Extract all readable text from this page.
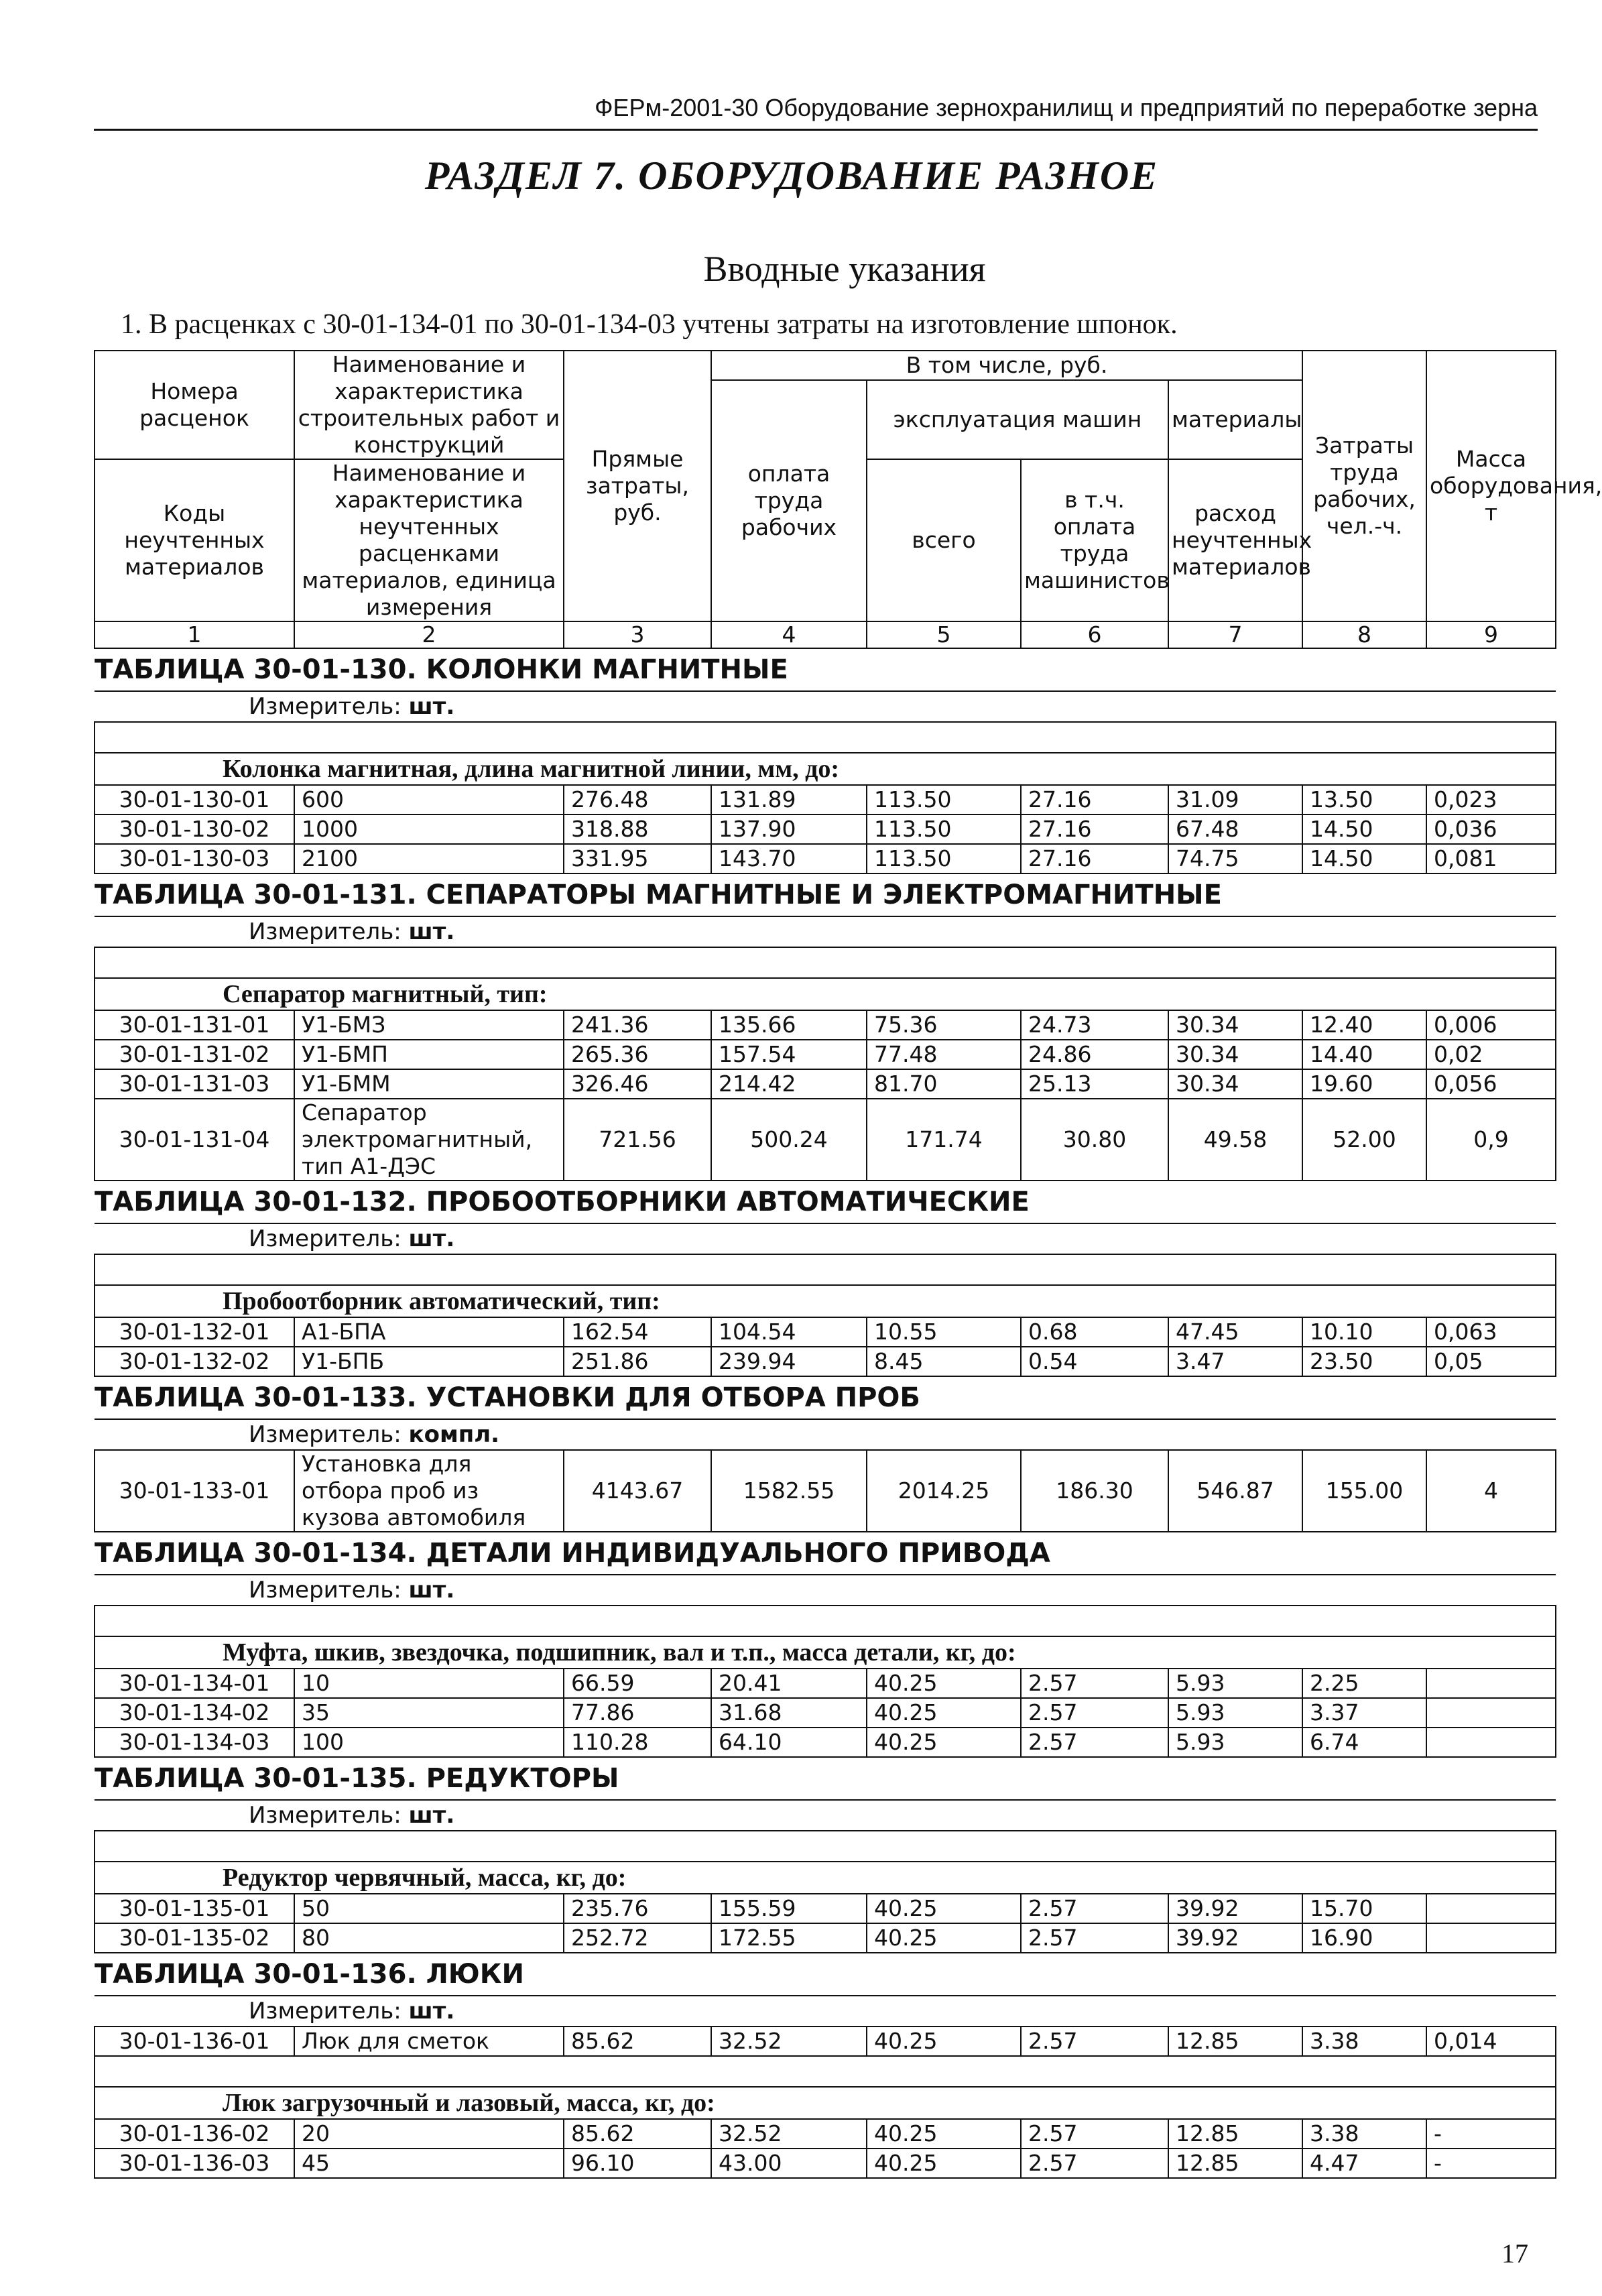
ФЕРм-2001-30 Оборудование зернохранилищ и предприятий по переработке зерна
РАЗДЕЛ 7. ОБОРУДОВАНИЕ РАЗНОЕ
Вводные указания
1. В расценках с 30-01-134-01 по 30-01-134-03 учтены затраты на изготовление шпонок.
Номера расценок	Наименование и характеристика строительных работ и конструкций	Прямые затраты, руб.	В том числе, руб.				Затраты труда рабочих, чел.-ч.	Масса оборудования, т
			оплата труда рабочих	эксплуатация машин		материалы		
Коды неучтенных материалов	Наименование и характеристика неучтенных расценками материалов, единица измерения			всего	в т.ч. оплата труда машинистов	расход неучтенных материалов		

1	2	3	4	5	6	7	8	9
ТАБЛИЦА 30-01-130. КОЛОНКИ МАГНИТНЫЕ								
Измеритель: шт.								

Колонка магнитная, длина магнитной линии, мм, до:								
30-01-130-01	600	276.48	131.89	113.50	27.16	31.09	13.50	0,023
30-01-130-02	1000	318.88	137.90	113.50	27.16	67.48	14.50	0,036
30-01-130-03	2100	331.95	143.70	113.50	27.16	74.75	14.50	0,081
ТАБЛИЦА 30-01-131. СЕПАРАТОРЫ МАГНИТНЫЕ И ЭЛЕКТРОМАГНИТНЫЕ								
Измеритель: шт.								

Сепаратор магнитный, тип:								
30-01-131-01	У1-БМЗ	241.36	135.66	75.36	24.73	30.34	12.40	0,006
30-01-131-02	У1-БМП	265.36	157.54	77.48	24.86	30.34	14.40	0,02
30-01-131-03	У1-БММ	326.46	214.42	81.70	25.13	30.34	19.60	0,056
30-01-131-04	Сепаратор электромагнитный, тип А1-ДЭС	721.56	500.24	171.74	30.80	49.58	52.00	0,9
ТАБЛИЦА 30-01-132. ПРОБООТБОРНИКИ АВТОМАТИЧЕСКИЕ								
Измеритель: шт.								

Пробоотборник автоматический, тип:								
30-01-132-01	А1-БПА	162.54	104.54	10.55	0.68	47.45	10.10	0,063
30-01-132-02	У1-БПБ	251.86	239.94	8.45	0.54	3.47	23.50	0,05
ТАБЛИЦА 30-01-133. УСТАНОВКИ ДЛЯ ОТБОРА ПРОБ								
Измеритель: компл.								
30-01-133-01	Установка для отбора проб из кузова автомобиля	4143.67	1582.55	2014.25	186.30	546.87	155.00	4
ТАБЛИЦА 30-01-134. ДЕТАЛИ ИНДИВИДУАЛЬНОГО ПРИВОДА								
Измеритель: шт.								

Муфта, шкив, звездочка, подшипник, вал и т.п., масса детали, кг, до:								
30-01-134-01	10	66.59	20.41	40.25	2.57	5.93	2.25	
30-01-134-02	35	77.86	31.68	40.25	2.57	5.93	3.37	
30-01-134-03	100	110.28	64.10	40.25	2.57	5.93	6.74	
ТАБЛИЦА 30-01-135. РЕДУКТОРЫ								
Измеритель: шт.								

Редуктор червячный, масса, кг, до:								
30-01-135-01	50	235.76	155.59	40.25	2.57	39.92	15.70	
30-01-135-02	80	252.72	172.55	40.25	2.57	39.92	16.90	
ТАБЛИЦА 30-01-136. ЛЮКИ								
Измеритель: шт.								
30-01-136-01	Люк для сметок	85.62	32.52	40.25	2.57	12.85	3.38	0,014

Люк загрузочный и лазовый, масса, кг, до:								
30-01-136-02	20	85.62	32.52	40.25	2.57	12.85	3.38	-
30-01-136-03	45	96.10	43.00	40.25	2.57	12.85	4.47	-
17
